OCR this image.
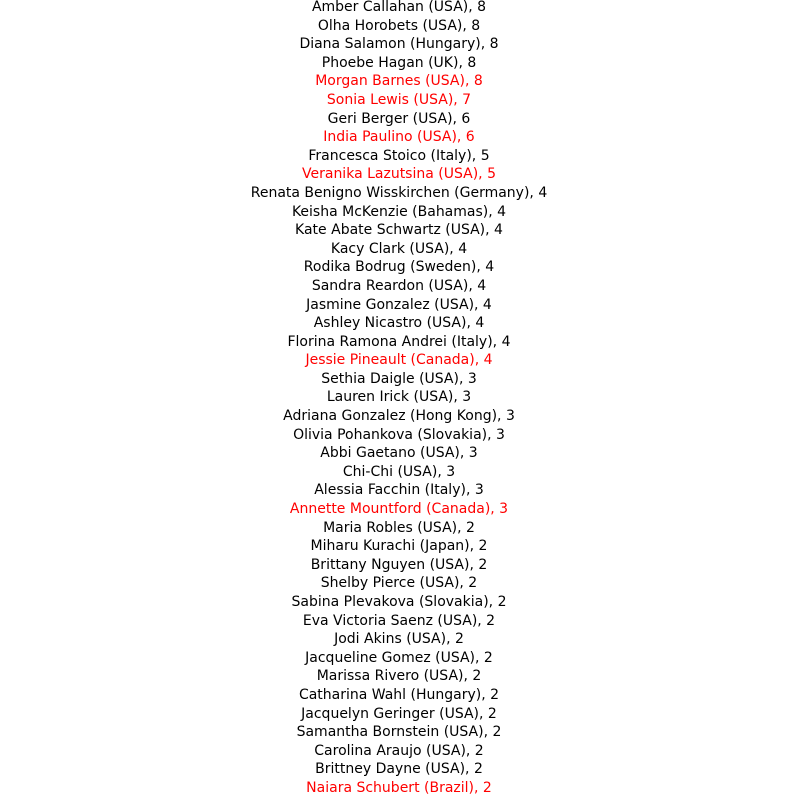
Amber Callahan (USA), 8
Olha Horobets (USA), 8
Diana Salamon (Hungary), 8
Phoebe Hagan (UK), 8
Morgan Barnes (USA), 8
Sonia Lewis (USA), 7
Geri Berger (USA), 6
India Paulino (USA), 6
Francesca Stoico (Italy), 5
Veranika Lazutsina (USA), 5
Renata Benigno Wisskirchen (Germany), 4
Keisha McKenzie (Bahamas), 4
Kate Abate Schwartz (USA), 4
Kacy Clark (USA), 4
Rodika Bodrug (Sweden), 4
Sandra Reardon (USA), 4
Jasmine Gonzalez (USA), 4
Ashley Nicastro (USA), 4
Florina Ramona Andrei (Italy), 4
Jessie Pineault (Canada), 4
Sethia Daigle (USA), 3
Lauren Irick (USA), 3
Adriana Gonzalez (Hong Kong), 3
Olivia Pohankova (Slovakia), 3
Abbi Gaetano (USA), 3
Chi-Chi (USA), 3
Alessia Facchin (Italy), 3
Annette Mountford (Canada), 3
Maria Robles (USA), 2
Miharu Kurachi (Japan), 2
Brittany Nguyen (USA), 2
Shelby Pierce (USA), 2
Sabina Plevakova (Slovakia), 2
Eva Victoria Saenz (USA), 2
Jodi Akins (USA), 2
Jacqueline Gomez (USA), 2
Marissa Rivero (USA), 2
Catharina Wahl (Hungary), 2
Jacquelyn Geringer (USA), 2
Samantha Bornstein (USA), 2
Carolina Araujo (USA), 2
Brittney Dayne (USA), 2
Naiara Schubert (Brazil), 2
